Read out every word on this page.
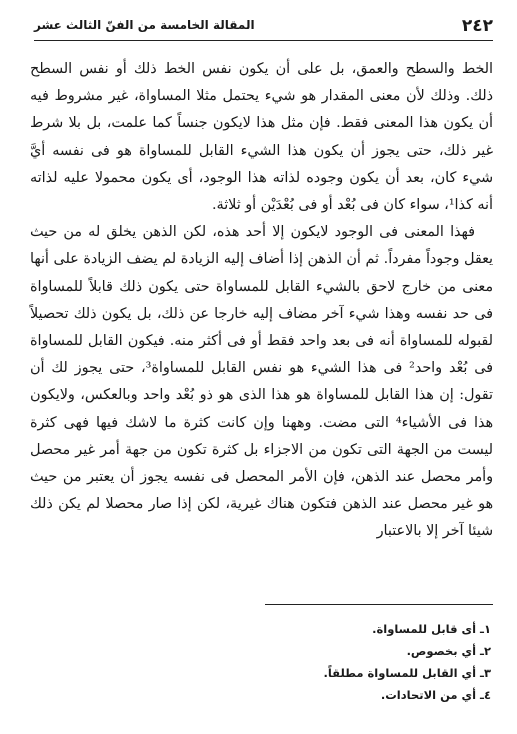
٢٤٢
المقالة الخامسة من الفنّ الثالث عشر

الخط والسطح والعمق، بل على أن يكون نفس الخط ذلك أو نفس السطح ذلك. وذلك لأن معنى المقدار هو شيء يحتمل مثلا المساواة، غير مشروط فيه أن يكون هذا المعنى فقط. فإن مثل هذا لايكون جنساً كما علمت، بل بلا شرط غير ذلك، حتى يجوز أن يكون هذا الشيء القابل للمساواة هو فى نفسه أيَّ شيء كان، بعد أن يكون وجوده لذاته هذا الوجود، أى يكون محمولا عليه لذاته أنه كذا¹، سواء كان فى بُعْد أو فى بُعْدَيْن أو ثلاثة.

فهذا المعنى فى الوجود لايكون إلا أحد هذه، لكن الذهن يخلق له من حيث يعقل وجوداً مفرداً. ثم أن الذهن إذا أضاف إليه الزيادة لم يضف الزيادة على أنها معنى من خارج لاحق بالشيء القابل للمساواة حتى يكون ذلك قابلاً للمساواة فى حد نفسه وهذا شيء آخر مضاف إليه خارجا عن ذلك، بل يكون ذلك تحصيلاً لقبوله للمساواة أنه فى بعد واحد فقط أو فى أكثر منه. فيكون القابل للمساواة فى بُعْد واحد² فى هذا الشيء هو نفس القابل للمساواة³، حتى يجوز لك أن تقول: إن هذا القابل للمساواة هو هذا الذى هو ذو بُعْد واحد وبالعكس، ولايكون هذا فى الأشياء⁴ التى مضت. وههنا وإن كانت كثرة ما لاشك فيها فهى كثرة ليست من الجهة التى تكون من الاجزاء بل كثرة تكون من جهة أمر غير محصل وأمر محصل عند الذهن، فإن الأمر المحصل فى نفسه يجوز أن يعتبر من حيث هو غير محصل عند الذهن فتكون هناك غيرية، لكن إذا صار محصلا لم يكن ذلك شيئا آخر إلا بالاعتبار

١ـ أى قابل للمساواة.
٢ـ أي بخصوص.
٣ـ أي القابل للمساواة مطلقاً.
٤ـ أي من الاتحادات.
